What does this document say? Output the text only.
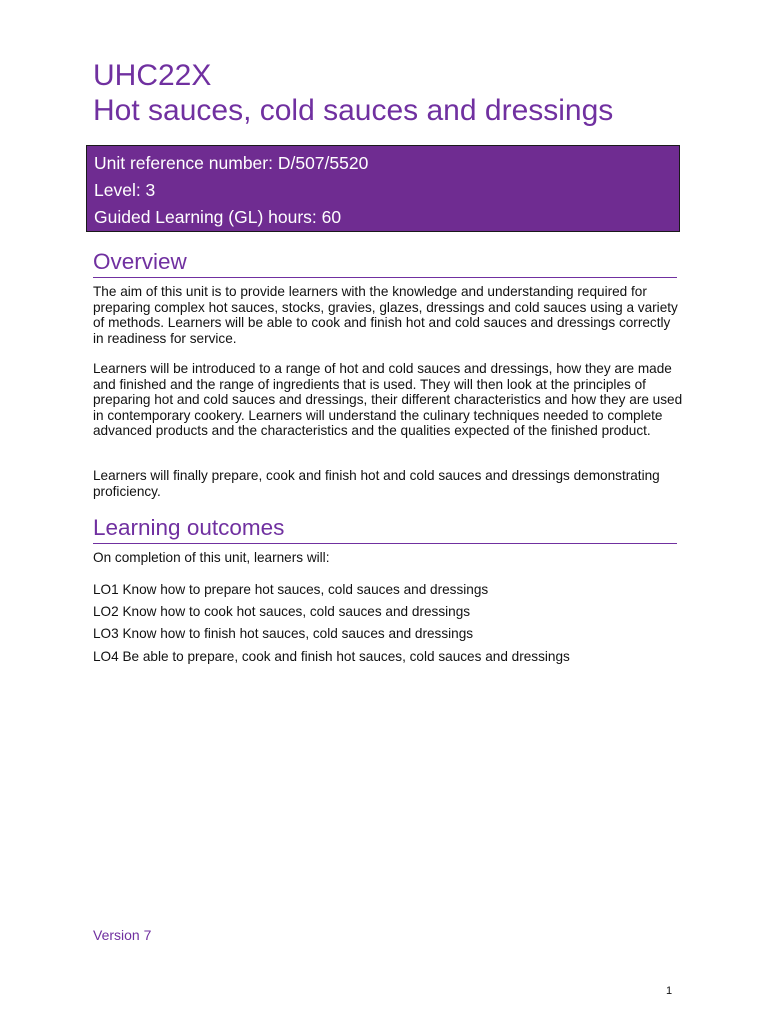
UHC22X
Hot sauces, cold sauces and dressings
Unit reference number: D/507/5520
Level: 3
Guided Learning (GL) hours: 60
Overview

The aim of this unit is to provide learners with the knowledge and understanding required for preparing complex hot sauces, stocks, gravies, glazes, dressings and cold sauces using a variety of methods. Learners will be able to cook and finish hot and cold sauces and dressings correctly in readiness for service.

Learners will be introduced to a range of hot and cold sauces and dressings, how they are made and finished and the range of ingredients that is used. They will then look at the principles of preparing hot and cold sauces and dressings, their different characteristics and how they are used in contemporary cookery. Learners will understand the culinary techniques needed to complete advanced products and the characteristics and the qualities expected of the finished product.

Learners will finally prepare, cook and finish hot and cold sauces and dressings demonstrating proficiency.

Learning outcomes

On completion of this unit, learners will:

LO1 Know how to prepare hot sauces, cold sauces and dressings
LO2 Know how to cook hot sauces, cold sauces and dressings
LO3 Know how to finish hot sauces, cold sauces and dressings
LO4 Be able to prepare, cook and finish hot sauces, cold sauces and dressings
Version 7
1
